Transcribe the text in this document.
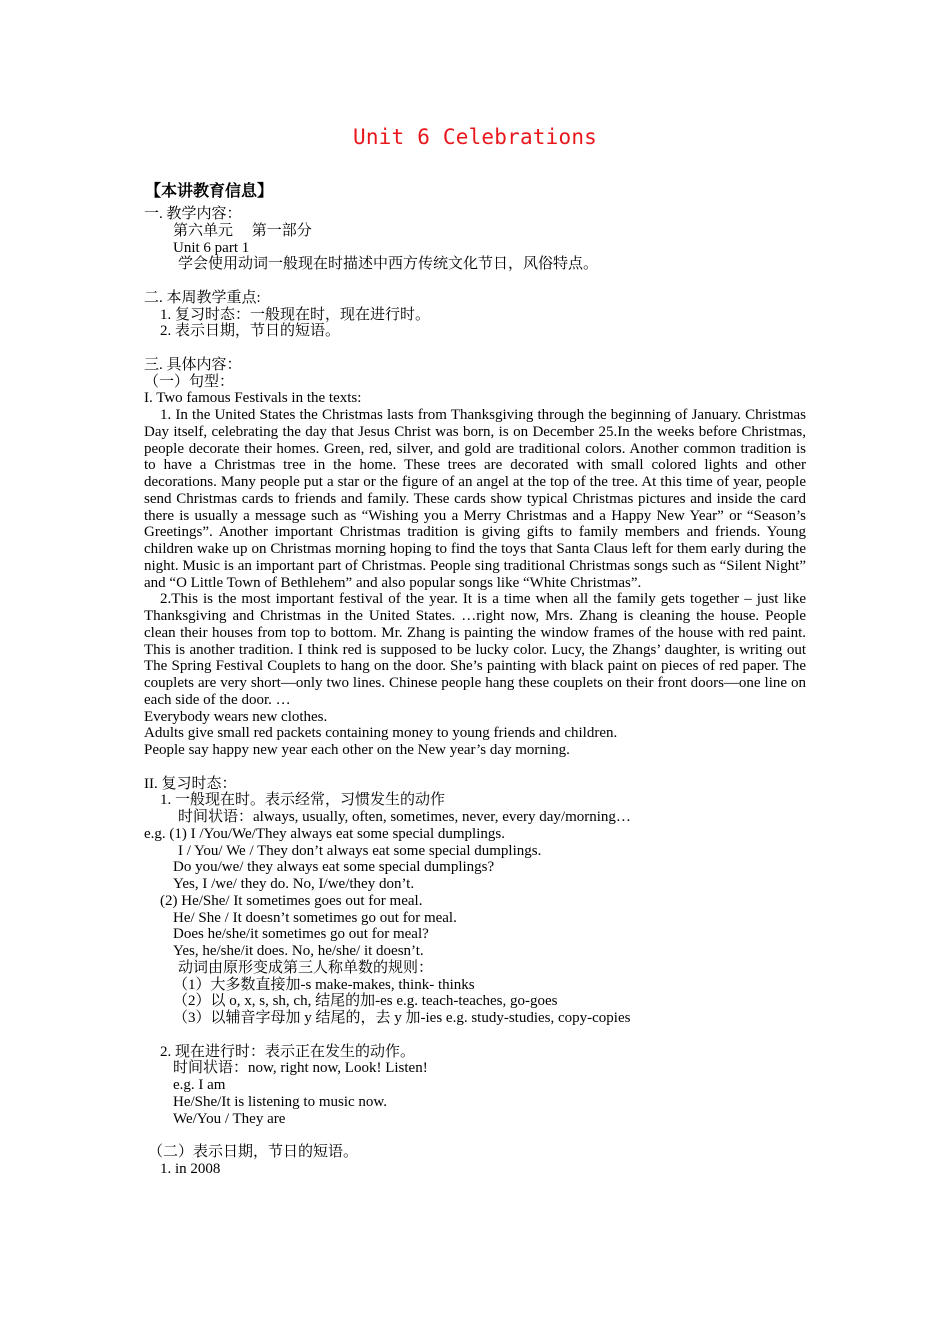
Unit 6 Celebrations
【本讲教育信息】
一. 教学内容：
第六单元　 第一部分
Unit 6 part 1
学会使用动词一般现在时描述中西方传统文化节日，风俗特点。
二. 本周教学重点:
1. 复习时态：一般现在时，现在进行时。
2. 表示日期，节日的短语。
三. 具体内容：
（一）句型：
I. Two famous Festivals in the texts:
1. In the United States the Christmas lasts from Thanksgiving through the beginning of January. Christmas Day itself, celebrating the day that Jesus Christ was born, is on December 25.In the weeks before Christmas, people decorate their homes. Green, red, silver, and gold are traditional colors. Another common tradition is to have a Christmas tree in the home. These trees are decorated with small colored lights and other decorations. Many people put a star or the figure of an angel at the top of the tree. At this time of year, people send Christmas cards to friends and family. These cards show typical Christmas pictures and inside the card there is usually a message such as “Wishing you a Merry Christmas and a Happy New Year” or “Season’s Greetings”. Another important Christmas tradition is giving gifts to family members and friends. Young children wake up on Christmas morning hoping to find the toys that Santa Claus left for them early during the night. Music is an important part of Christmas. People sing traditional Christmas songs such as “Silent Night” and “O Little Town of Bethlehem” and also popular songs like “White Christmas”.
2.This is the most important festival of the year. It is a time when all the family gets together – just like Thanksgiving and Christmas in the United States. …right now, Mrs. Zhang is cleaning the house. People clean their houses from top to bottom. Mr. Zhang is painting the window frames of the house with red paint. This is another tradition. I think red is supposed to be lucky color. Lucy, the Zhangs’ daughter, is writing out The Spring Festival Couplets to hang on the door. She’s painting with black paint on pieces of red paper. The couplets are very short—only two lines. Chinese people hang these couplets on their front doors—one line on each side of the door. …
Everybody wears new clothes.
Adults give small red packets containing money to young friends and children.
People say happy new year each other on the New year’s day morning.
II. 复习时态：
1. 一般现在时。表示经常，习惯发生的动作
时间状语：always, usually, often, sometimes, never, every day/morning…
e.g. (1) I /You/We/They always eat some special dumplings.
I / You/ We / They don’t always eat some special dumplings.
Do you/we/ they always eat some special dumplings?
Yes, I /we/ they do. No, I/we/they don’t.
(2) He/She/ It sometimes goes out for meal.
He/ She / It doesn’t sometimes go out for meal.
Does he/she/it sometimes go out for meal?
Yes, he/she/it does. No, he/she/ it doesn’t.
动词由原形变成第三人称单数的规则：
（1）大多数直接加-s make-makes, think- thinks
（2）以 o, x, s, sh, ch, 结尾的加-es e.g. teach-teaches, go-goes
（3）以辅音字母加 y 结尾的，去 y 加-ies e.g. study-studies, copy-copies
2. 现在进行时：表示正在发生的动作。
时间状语：now, right now, Look! Listen!
e.g. I am
He/She/It is listening to music now.
We/You / They are
（二）表示日期，节日的短语。
1. in 2008
